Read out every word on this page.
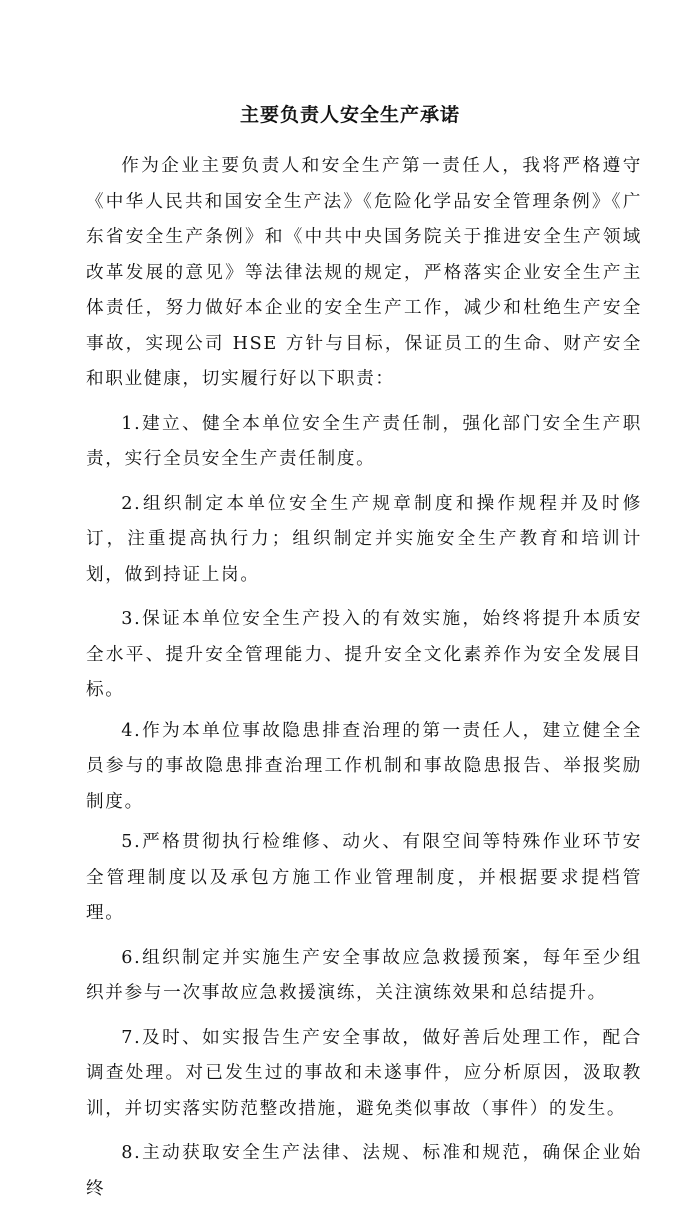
主要负责人安全生产承诺

作为企业主要负责人和安全生产第一责任人，我将严格遵守《中华人民共和国安全生产法》《危险化学品安全管理条例》《广东省安全生产条例》和《中共中央国务院关于推进安全生产领域改革发展的意见》等法律法规的规定，严格落实企业安全生产主体责任，努力做好本企业的安全生产工作，减少和杜绝生产安全事故，实现公司 HSE 方针与目标，保证员工的生命、财产安全和职业健康，切实履行好以下职责：

1.建立、健全本单位安全生产责任制，强化部门安全生产职责，实行全员安全生产责任制度。

2.组织制定本单位安全生产规章制度和操作规程并及时修订，注重提高执行力；组织制定并实施安全生产教育和培训计划，做到持证上岗。

3.保证本单位安全生产投入的有效实施，始终将提升本质安全水平、提升安全管理能力、提升安全文化素养作为安全发展目标。

4.作为本单位事故隐患排查治理的第一责任人，建立健全全员参与的事故隐患排查治理工作机制和事故隐患报告、举报奖励制度。

5.严格贯彻执行检维修、动火、有限空间等特殊作业环节安全管理制度以及承包方施工作业管理制度，并根据要求提档管理。

6.组织制定并实施生产安全事故应急救援预案，每年至少组织并参与一次事故应急救援演练，关注演练效果和总结提升。

7.及时、如实报告生产安全事故，做好善后处理工作，配合调查处理。对已发生过的事故和未遂事件，应分析原因，汲取教训，并切实落实防范整改措施，避免类似事故（事件）的发生。

8.主动获取安全生产法律、法规、标准和规范，确保企业始终
